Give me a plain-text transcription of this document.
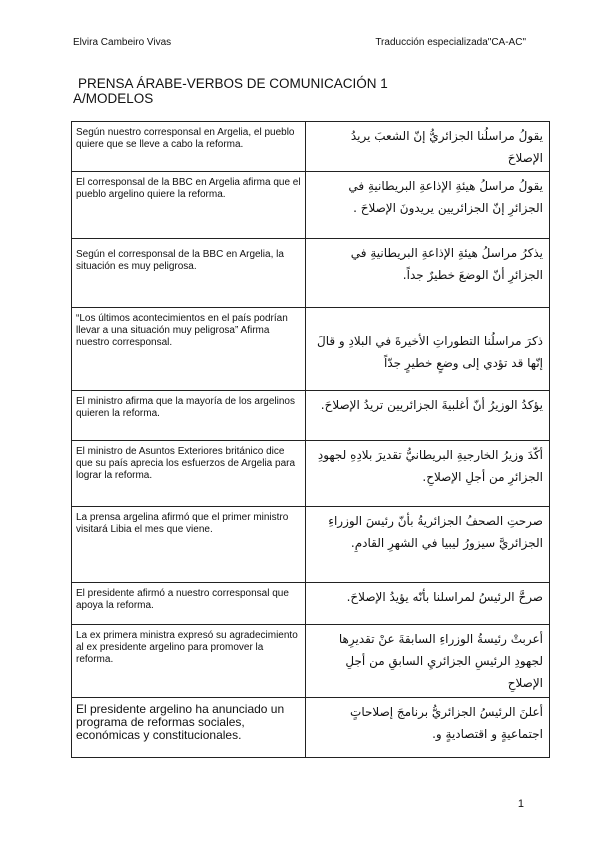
Elvira Cambeiro Vivas	Traducción especializada"CA-AC"
PRENSA ÁRABE-VERBOS DE COMUNICACIÓN 1
A/MODELOS
Según nuestro corresponsal en Argelia, el pueblo quiere que se lleve a cabo la reforma.	يقولُ مراسلُنا الجزائريُّ إنّ الشعبَ يريدُ الإصلاحَ
El corresponsal de la BBC en Argelia afirma que el pueblo argelino quiere la reforma.	يقولُ مراسلُ هيئةِ الإذاعةِ البريطانيةِ في الجزائرِ إنّ الجزائريين يريدونَ الإصلاحَ .
Según el corresponsal de la BBC en Argelia, la situación es muy peligrosa.	يذكرُ مراسلُ هيئةِ الإذاعةِ البريطانيةِ في الجزائرِ أنّ الوضعَ خطيرٌ جداً.
“Los últimos acontecimientos en el país podrían llevar a una situación muy peligrosa” Afirma nuestro corresponsal.	ذكرَ مراسلُنا التطوراتِ الأخيرةَ في البلادِ و قالَ إنّها قد تؤدي إلى وضعٍ خطيرٍ جدّاً
El ministro afirma que la mayoría de los argelinos quieren la reforma.	يؤكدُ الوزيرُ أنّ أغلبيةَ الجزائريين تريدُ الإصلاحَ.
El ministro de Asuntos Exteriores británico dice que su país aprecia los esfuerzos de Argelia para lograr la reforma.	أكّدَ وزيرُ الخارجيةِ البريطانيُّ تقديرَ بلادِهِ لجهودِ الجزائرِ من أجلِ الإصلاحِ.
La prensa argelina afirmó que el primer ministro visitará Libia el mes que viene.	صرحتِ الصحفُ الجزائريةُ بأنّ رئيسَ الوزراءِ الجزائريَّ سيزورُ ليبيا في الشهرِ القادمِ.
El presidente afirmó a nuestro corresponsal que apoya la reforma.	صرحَّ الرئيسُ لمراسلنا بأنّه يؤيدُ الإصلاحَ.
La ex primera ministra expresó su agradecimiento al ex presidente argelino para promover la reforma.	أعربتْ رئيسةُ الوزراءِ السابقةَ عنْ تقديرِها لجهودِ الرئيسِ الجزائريِ السابقِ من أجلِ الإصلاحِ
El presidente argelino ha anunciado un programa de reformas sociales, económicas y constitucionales.	أعلنَ الرئيسُ الجزائريُّ برنامجَ إصلاحاتٍ اجتماعيةٍ و اقتصاديةٍ و.
1
